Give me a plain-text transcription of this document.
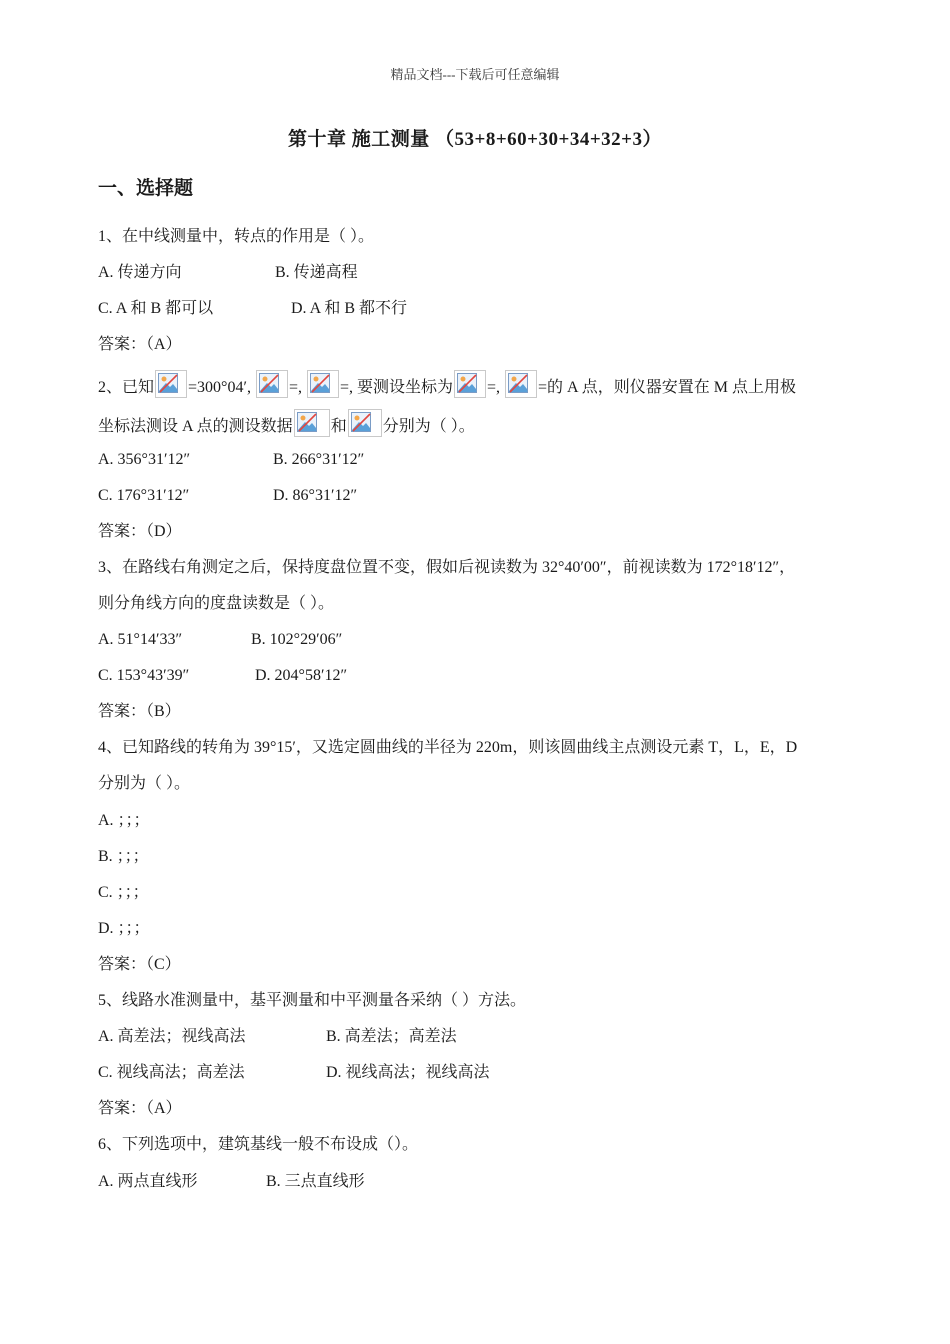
精品文档---下载后可任意编辑
第十章 施工测量 （53+8+60+30+34+32+3）
一、选择题
1、在中线测量中，转点的作用是（ ）。
A. 传递方向	B. 传递高程
C. A 和 B 都可以	D. A 和 B 都不行
答案：（A）
2、已知 =300°04′, =, =, 要测设坐标为 =, =的 A 点，则仪器安置在 M 点上用极
坐标法测设 A 点的测设数据 和 分别为（ ）。
A. 356°31′12″	B. 266°31′12″
C. 176°31′12″	D. 86°31′12″
答案：（D）
3、在路线右角测定之后，保持度盘位置不变，假如后视读数为 32°40′00″，前视读数为 172°18′12″，
则分角线方向的度盘读数是（ ）。
A. 51°14′33″	B. 102°29′06″
C. 153°43′39″	D. 204°58′12″
答案：（B）
4、已知路线的转角为 39°15′，又选定圆曲线的半径为 220m，则该圆曲线主点测设元素 T，L，E，D
分别为（ ）。
A. ；；；
B. ；；；
C. ；；；
D. ；；；
答案：（C）
5、线路水准测量中，基平测量和中平测量各采纳（ ）方法。
A. 高差法；视线高法	B. 高差法；高差法
C. 视线高法；高差法	D. 视线高法；视线高法
答案：（A）
6、下列选项中，建筑基线一般不布设成（）。
A. 两点直线形	B. 三点直线形
